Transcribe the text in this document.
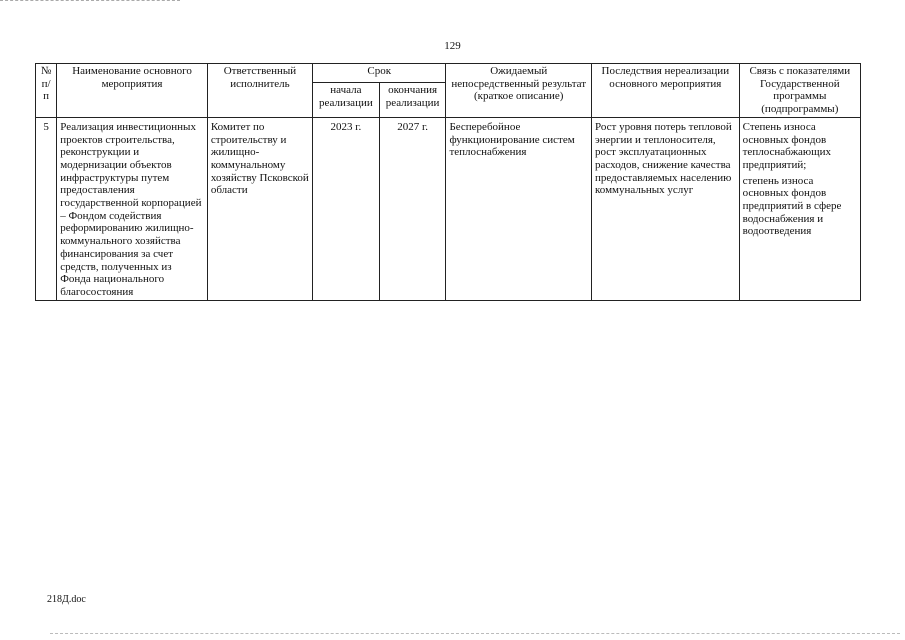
129
№ п/п	Наименование основного мероприятия	Ответственный исполнитель	Срок		Ожидаемый непосредственный результат (краткое описание)	Последствия нереализации основного мероприятия	Связь с показателями Государственной программы (подпрограммы)
			начала реализации	окончания реализации			
5	Реализация инвестиционных проектов строительства, реконструкции и модернизации объектов инфраструктуры путем предоставления государственной корпорацией – Фондом содействия реформированию жилищно-коммунального хозяйства финансирования за счет средств, полученных из Фонда национального благосостояния	Комитет по строительству и жилищно-коммунальному хозяйству Псковской области	2023 г.	2027 г.	Бесперебойное функционирование систем теплоснабжения	Рост уровня потерь тепловой энергии и теплоносителя, рост эксплуатационных расходов, снижение качества предоставляемых населению коммунальных услуг	Степень износа основных фондов теплоснабжающих предприятий;
степень износа основных фондов предприятий в сфере водоснабжения и водоотведения
218Д.doc
